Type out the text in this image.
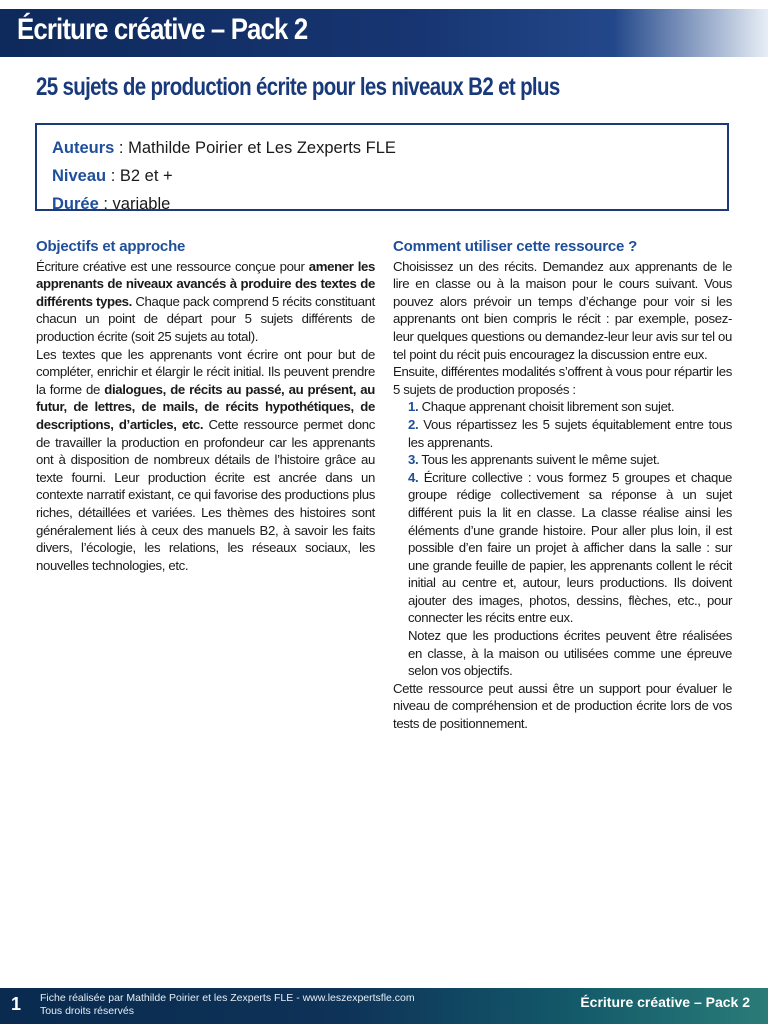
Écriture créative – Pack 2
25 sujets de production écrite pour les niveaux B2 et plus
Auteurs : Mathilde Poirier et Les Zexperts FLE
Niveau : B2 et +
Durée : variable
Objectifs et approche

Écriture créative est une ressource conçue pour amener les apprenants de niveaux avancés à produire des textes de différents types. Chaque pack comprend 5 récits constituant chacun un point de départ pour 5 sujets différents de production écrite (soit 25 sujets au total).

Les textes que les apprenants vont écrire ont pour but de compléter, enrichir et élargir le récit initial. Ils peuvent prendre la forme de dialogues, de récits au passé, au présent, au futur, de lettres, de mails, de récits hypothétiques, de descriptions, d’articles, etc. Cette ressource permet donc de travailler la production en profondeur car les apprenants ont à disposition de nombreux détails de l’histoire grâce au texte fourni. Leur production écrite est ancrée dans un contexte narratif existant, ce qui favorise des productions plus riches, détaillées et variées. Les thèmes des histoires sont généralement liés à ceux des manuels B2, à savoir les faits divers, l’écologie, les relations, les réseaux sociaux, les nouvelles technologies, etc.

Comment utiliser cette ressource ?

Choisissez un des récits. Demandez aux apprenants de le lire en classe ou à la maison pour le cours suivant. Vous pouvez alors prévoir un temps d’échange pour voir si les apprenants ont bien compris le récit : par exemple, posez-leur quelques questions ou demandez-leur leur avis sur tel ou tel point du récit puis encouragez la discussion entre eux.

Ensuite, différentes modalités s’offrent à vous pour répartir les 5 sujets de production proposés :

1. Chaque apprenant choisit librement son sujet.

2. Vous répartissez les 5 sujets équitablement entre tous les apprenants.

3. Tous les apprenants suivent le même sujet.

4. Écriture collective : vous formez 5 groupes et chaque groupe rédige collectivement sa réponse à un sujet différent puis la lit en classe. La classe réalise ainsi les éléments d’une grande histoire. Pour aller plus loin, il est possible d’en faire un projet à afficher dans la salle : sur une grande feuille de papier, les apprenants collent le récit initial au centre et, autour, leurs productions. Ils doivent ajouter des images, photos, dessins, flèches, etc., pour connecter les récits entre eux.

Notez que les productions écrites peuvent être réalisées en classe, à la maison ou utilisées comme une épreuve selon vos objectifs.

Cette ressource peut aussi être un support pour évaluer le niveau de compréhension et de production écrite lors de vos tests de positionnement.

1 Fiche réalisée par Mathilde Poirier et les Zexperts FLE - www.leszexpertsfle.com
Tous droits réservés
Écriture créative – Pack 2
